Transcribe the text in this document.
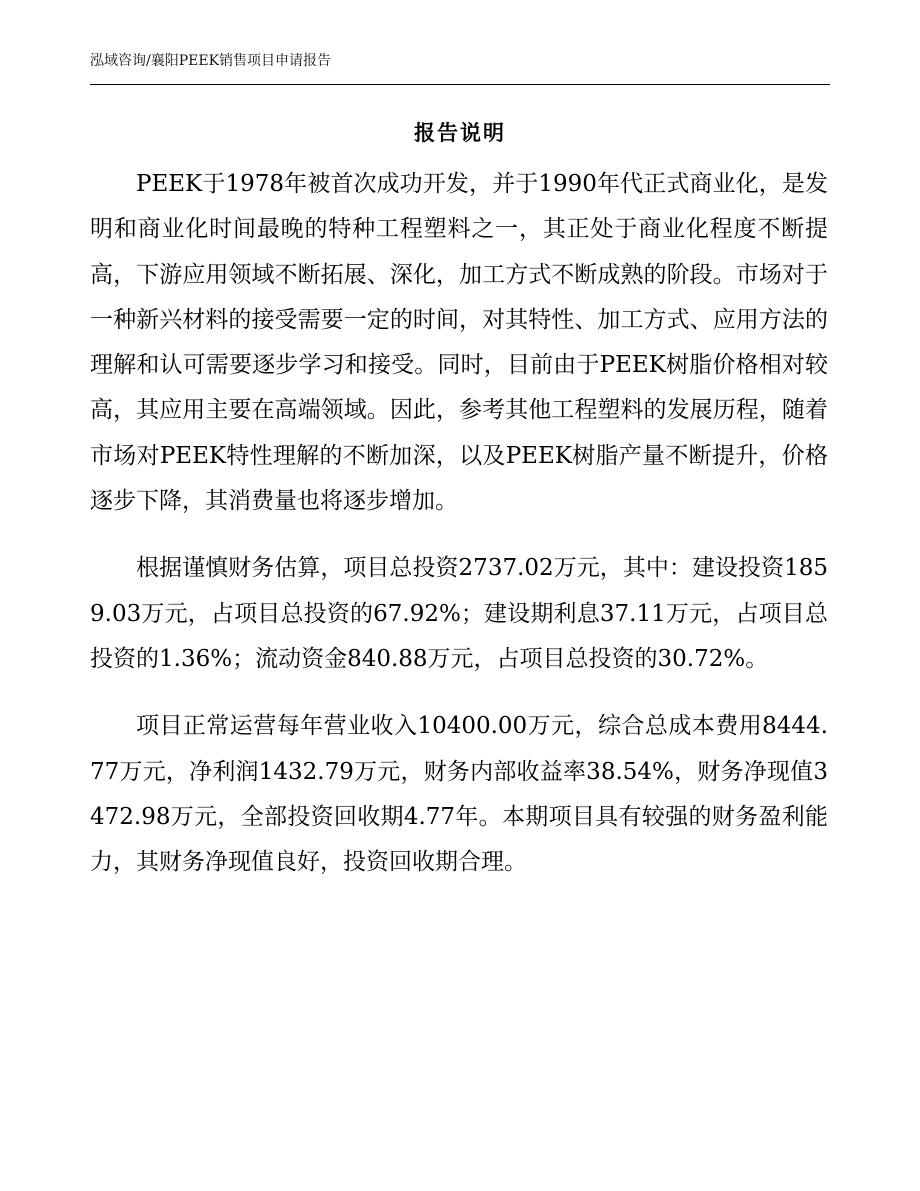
泓域咨询/襄阳PEEK销售项目申请报告
报告说明

PEEK于1978年被首次成功开发，并于1990年代正式商业化，是发明和商业化时间最晚的特种工程塑料之一，其正处于商业化程度不断提高，下游应用领域不断拓展、深化，加工方式不断成熟的阶段。市场对于一种新兴材料的接受需要一定的时间，对其特性、加工方式、应用方法的理解和认可需要逐步学习和接受。同时，目前由于PEEK树脂价格相对较高，其应用主要在高端领域。因此，参考其他工程塑料的发展历程，随着市场对PEEK特性理解的不断加深，以及PEEK树脂产量不断提升，价格逐步下降，其消费量也将逐步增加。

根据谨慎财务估算，项目总投资2737.02万元，其中：建设投资1859.03万元，占项目总投资的67.92%；建设期利息37.11万元，占项目总投资的1.36%；流动资金840.88万元，占项目总投资的30.72%。

项目正常运营每年营业收入10400.00万元，综合总成本费用8444.77万元，净利润1432.79万元，财务内部收益率38.54%，财务净现值3472.98万元，全部投资回收期4.77年。本期项目具有较强的财务盈利能力，其财务净现值良好，投资回收期合理。
